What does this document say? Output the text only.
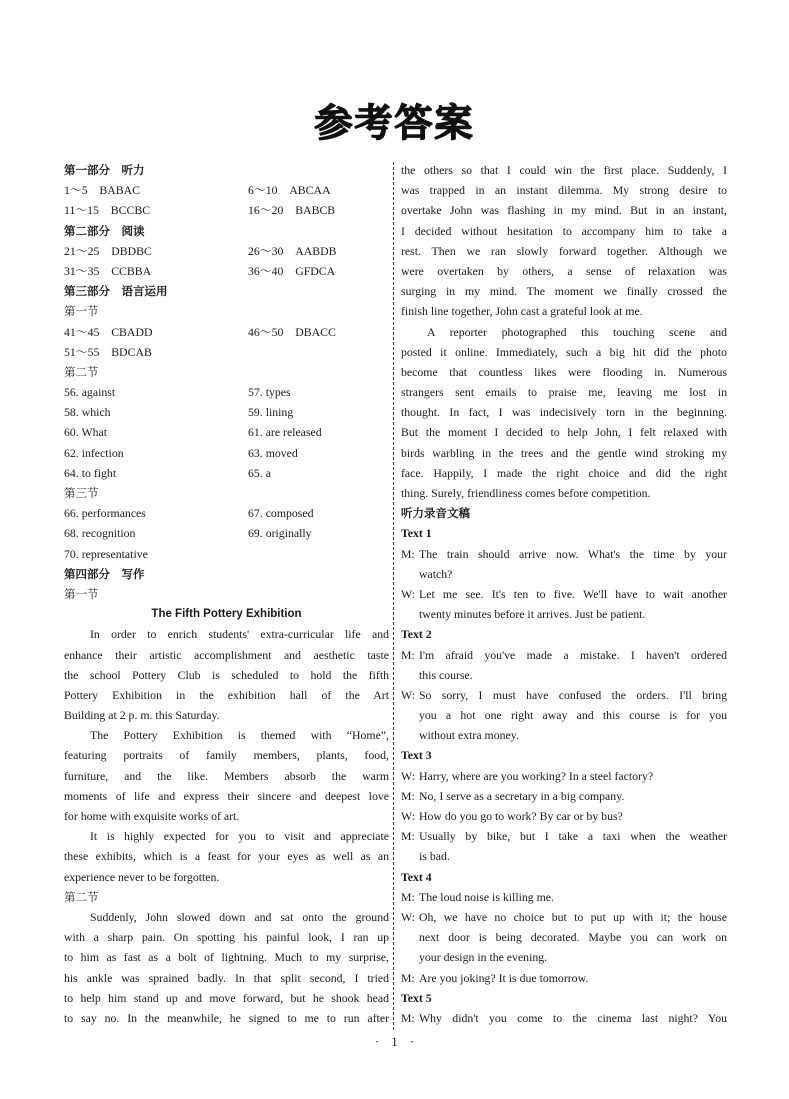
参考答案
第一部分　听力
1～5　BABAC	6～10　ABCAA
11～15　BCCBC	16～20　BABCB
第二部分　阅读
21～25　DBDBC	26～30　AABDB
31～35　CCBBA	36～40　GFDCA
第三部分　语言运用
第一节
41～45　CBADD	46～50　DBACC
51～55　BDCAB
第二节
56. against	57. types
58. which	59. lining
60. What	61. are released
62. infection	63. moved
64. to fight	65. a
第三节
66. performances	67. composed
68. recognition	69. originally
70. representative
第四部分　写作
第一节
The Fifth Pottery Exhibition
In order to enrich students' extra-curricular life and
enhance their artistic accomplishment and aesthetic taste
the school Pottery Club is scheduled to hold the fifth
Pottery Exhibition in the exhibition hall of the Art
Building at 2 p. m. this Saturday.
The Pottery Exhibition is themed with “Home”,
featuring portraits of family members, plants, food,
furniture, and the like. Members absorb the warm
moments of life and express their sincere and deepest love
for home with exquisite works of art.
It is highly expected for you to visit and appreciate
these exhibits, which is a feast for your eyes as well as an
experience never to be forgotten.
第二节
Suddenly, John slowed down and sat onto the ground
with a sharp pain. On spotting his painful look, I ran up
to him as fast as a bolt of lightning. Much to my surprise,
his ankle was sprained badly. In that split second, I tried
to help him stand up and move forward, but he shook head
to say no. In the meanwhile, he signed to me to run after
the others so that I could win the first place. Suddenly, I
was trapped in an instant dilemma. My strong desire to
overtake John was flashing in my mind. But in an instant,
I decided without hesitation to accompany him to take a
rest. Then we ran slowly forward together. Although we
were overtaken by others, a sense of relaxation was
surging in my mind. The moment we finally crossed the
finish line together, John cast a grateful look at me.
A reporter photographed this touching scene and
posted it online. Immediately, such a big hit did the photo
become that countless likes were flooding in. Numerous
strangers sent emails to praise me, leaving me lost in
thought. In fact, I was indecisively torn in the beginning.
But the moment I decided to help John, I felt relaxed with
birds warbling in the trees and the gentle wind stroking my
face. Happily, I made the right choice and did the right
thing. Surely, friendliness comes before competition.
听力录音文稿
Text 1
M: The train should arrive now. What's the time by your
watch?
W: Let me see. It's ten to five. We'll have to wait another
twenty minutes before it arrives. Just be patient.
Text 2
M: I'm afraid you've made a mistake. I haven't ordered
this course.
W: So sorry, I must have confused the orders. I'll bring
you a hot one right away and this course is for you
without extra money.
Text 3
W: Harry, where are you working? In a steel factory?
M: No, I serve as a secretary in a big company.
W: How do you go to work? By car or by bus?
M: Usually by bike, but I take a taxi when the weather
is bad.
Text 4
M: The loud noise is killing me.
W: Oh, we have no choice but to put up with it; the house
next door is being decorated. Maybe you can work on
your design in the evening.
M: Are you joking? It is due tomorrow.
Text 5
M: Why didn't you come to the cinema last night? You
· 1 ·
